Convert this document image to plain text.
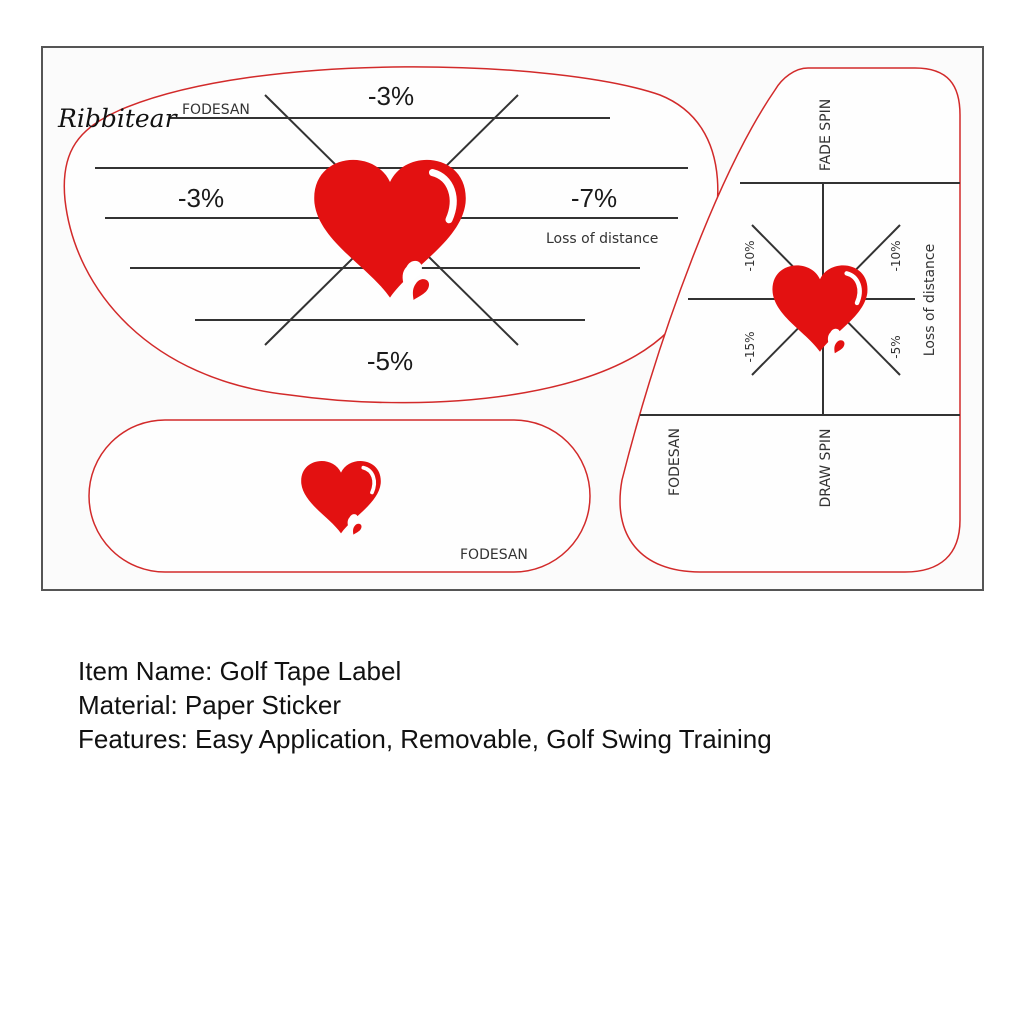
FODESAN	-3%
-3%	-7%
Loss of distance
-5%
FODESAN
FADE SPIN
DRAW SPIN
FODESAN
Loss of distance
-10%	-10%
-15%	-5%
Ribbitear
Item Name: Golf Tape Label
Material: Paper Sticker
Features: Easy Application, Removable, Golf Swing Training
